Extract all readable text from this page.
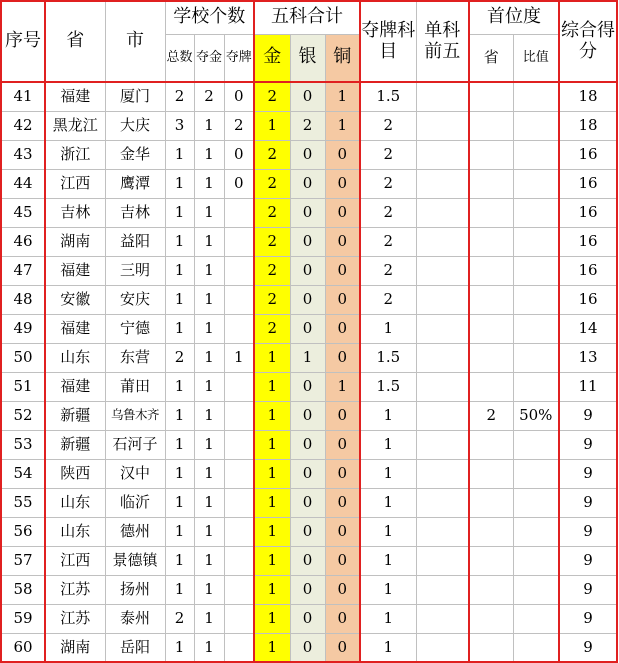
序号	省	市	学校个数			五科合计			夺牌科目	单科前五	首位度		综合得分
			总数	夺金	夺牌	金	银	铜			省	比值	
41	福建	厦门	2	2	0	2	0	1	1.5				18
42	黑龙江	大庆	3	1	2	1	2	1	2				18
43	浙江	金华	1	1	0	2	0	0	2				16
44	江西	鹰潭	1	1	0	2	0	0	2				16
45	吉林	吉林	1	1		2	0	0	2				16
46	湖南	益阳	1	1		2	0	0	2				16
47	福建	三明	1	1		2	0	0	2				16
48	安徽	安庆	1	1		2	0	0	2				16
49	福建	宁德	1	1		2	0	0	1				14
50	山东	东营	2	1	1	1	1	0	1.5				13
51	福建	莆田	1	1		1	0	1	1.5				11
52	新疆	乌鲁木齐	1	1		1	0	0	1		2	50%	9
53	新疆	石河子	1	1		1	0	0	1				9
54	陕西	汉中	1	1		1	0	0	1				9
55	山东	临沂	1	1		1	0	0	1				9
56	山东	德州	1	1		1	0	0	1				9
57	江西	景德镇	1	1		1	0	0	1				9
58	江苏	扬州	1	1		1	0	0	1				9
59	江苏	泰州	2	1		1	0	0	1				9
60	湖南	岳阳	1	1		1	0	0	1				9
